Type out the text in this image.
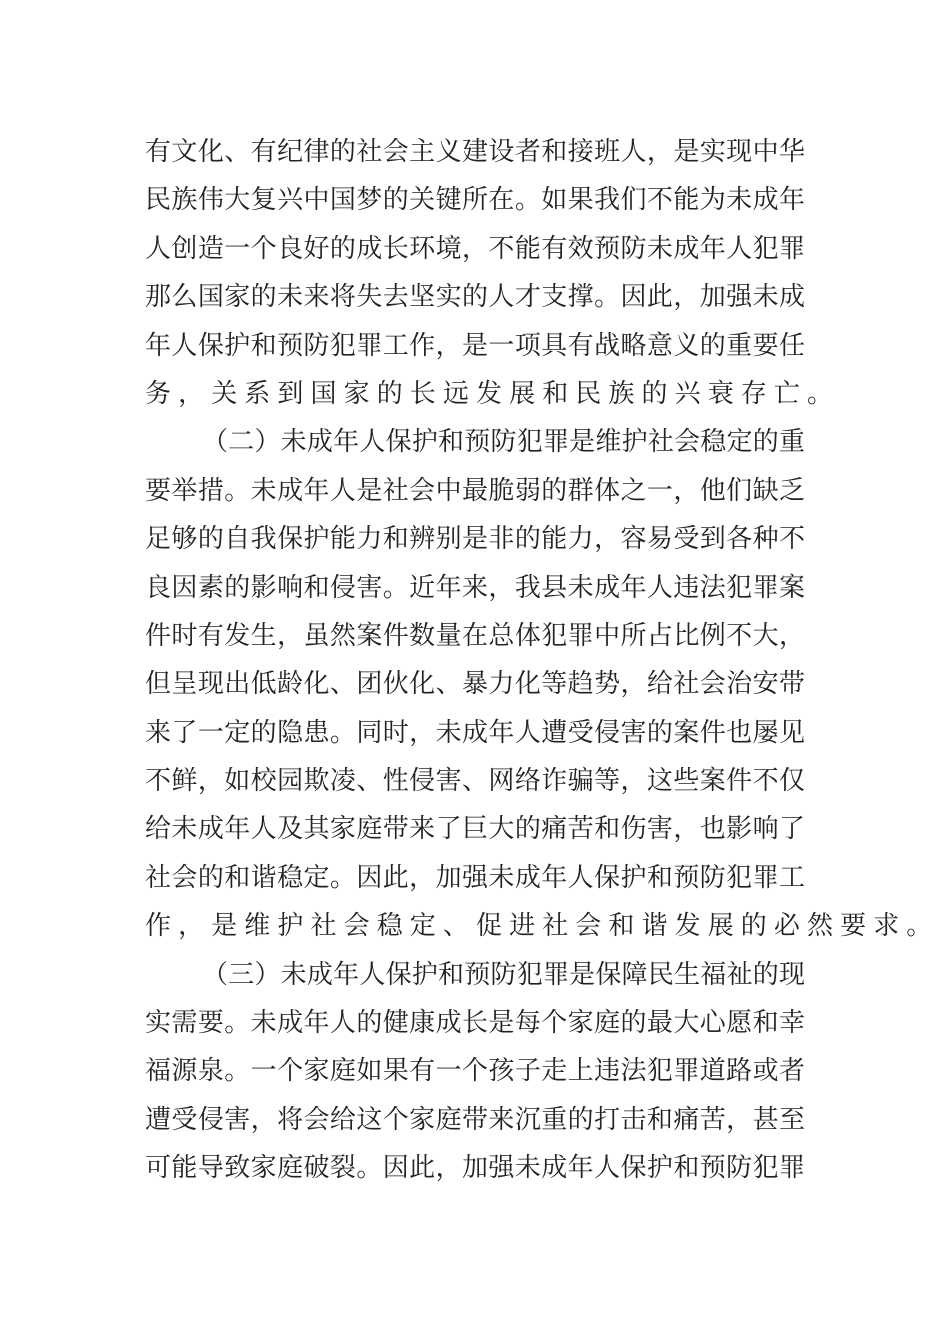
有文化、有纪律的社会主义建设者和接班人，是实现中华
民族伟大复兴中国梦的关键所在。如果我们不能为未成年
人创造一个良好的成长环境，不能有效预防未成年人犯罪
那么国家的未来将失去坚实的人才支撑。因此，加强未成
年人保护和预防犯罪工作，是一项具有战略意义的重要任
务，关系到国家的长远发展和民族的兴衰存亡。
（二）未成年人保护和预防犯罪是维护社会稳定的重
要举措。未成年人是社会中最脆弱的群体之一，他们缺乏
足够的自我保护能力和辨别是非的能力，容易受到各种不
良因素的影响和侵害。近年来，我县未成年人违法犯罪案
件时有发生，虽然案件数量在总体犯罪中所占比例不大，
但呈现出低龄化、团伙化、暴力化等趋势，给社会治安带
来了一定的隐患。同时，未成年人遭受侵害的案件也屡见
不鲜，如校园欺凌、性侵害、网络诈骗等，这些案件不仅
给未成年人及其家庭带来了巨大的痛苦和伤害，也影响了
社会的和谐稳定。因此，加强未成年人保护和预防犯罪工
作，是维护社会稳定、促进社会和谐发展的必然要求。
（三）未成年人保护和预防犯罪是保障民生福祉的现
实需要。未成年人的健康成长是每个家庭的最大心愿和幸
福源泉。一个家庭如果有一个孩子走上违法犯罪道路或者
遭受侵害，将会给这个家庭带来沉重的打击和痛苦，甚至
可能导致家庭破裂。因此，加强未成年人保护和预防犯罪
